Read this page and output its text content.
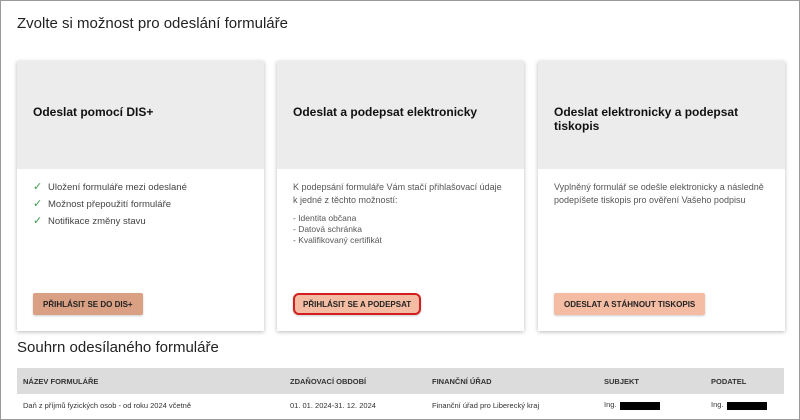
Zvolte si možnost pro odeslání formuláře
Odeslat pomocí DIS+
✓ Uložení formuláře mezi odeslané
✓ Možnost přepoužití formuláře
✓ Notifikace změny stavu
PŘIHLÁSIT SE DO DIS+
Odeslat a podepsat elektronicky
K podepsání formuláře Vám stačí přihlašovací údaje k jedné z těchto možností:
- Identita občana
- Datová schránka
- Kvalifikovaný certifikát
PŘIHLÁSIT SE A PODEPSAT
Odeslat elektronicky a podepsat tiskopis
Vyplněný formulář se odešle elektronicky a následně podepíšete tiskopis pro ověření Vašeho podpisu
ODESLAT A STÁHNOUT TISKOPIS
Souhrn odesílaného formuláře
NÁZEV FORMULÁŘE	ZDAŇOVACÍ OBDOBÍ	FINANČNÍ ÚŘAD	SUBJEKT	PODATEL
Daň z příjmů fyzických osob - od roku 2024 včetně	01. 01. 2024-31. 12. 2024	Finanční úřad pro Liberecký kraj	Ing.	Ing.
